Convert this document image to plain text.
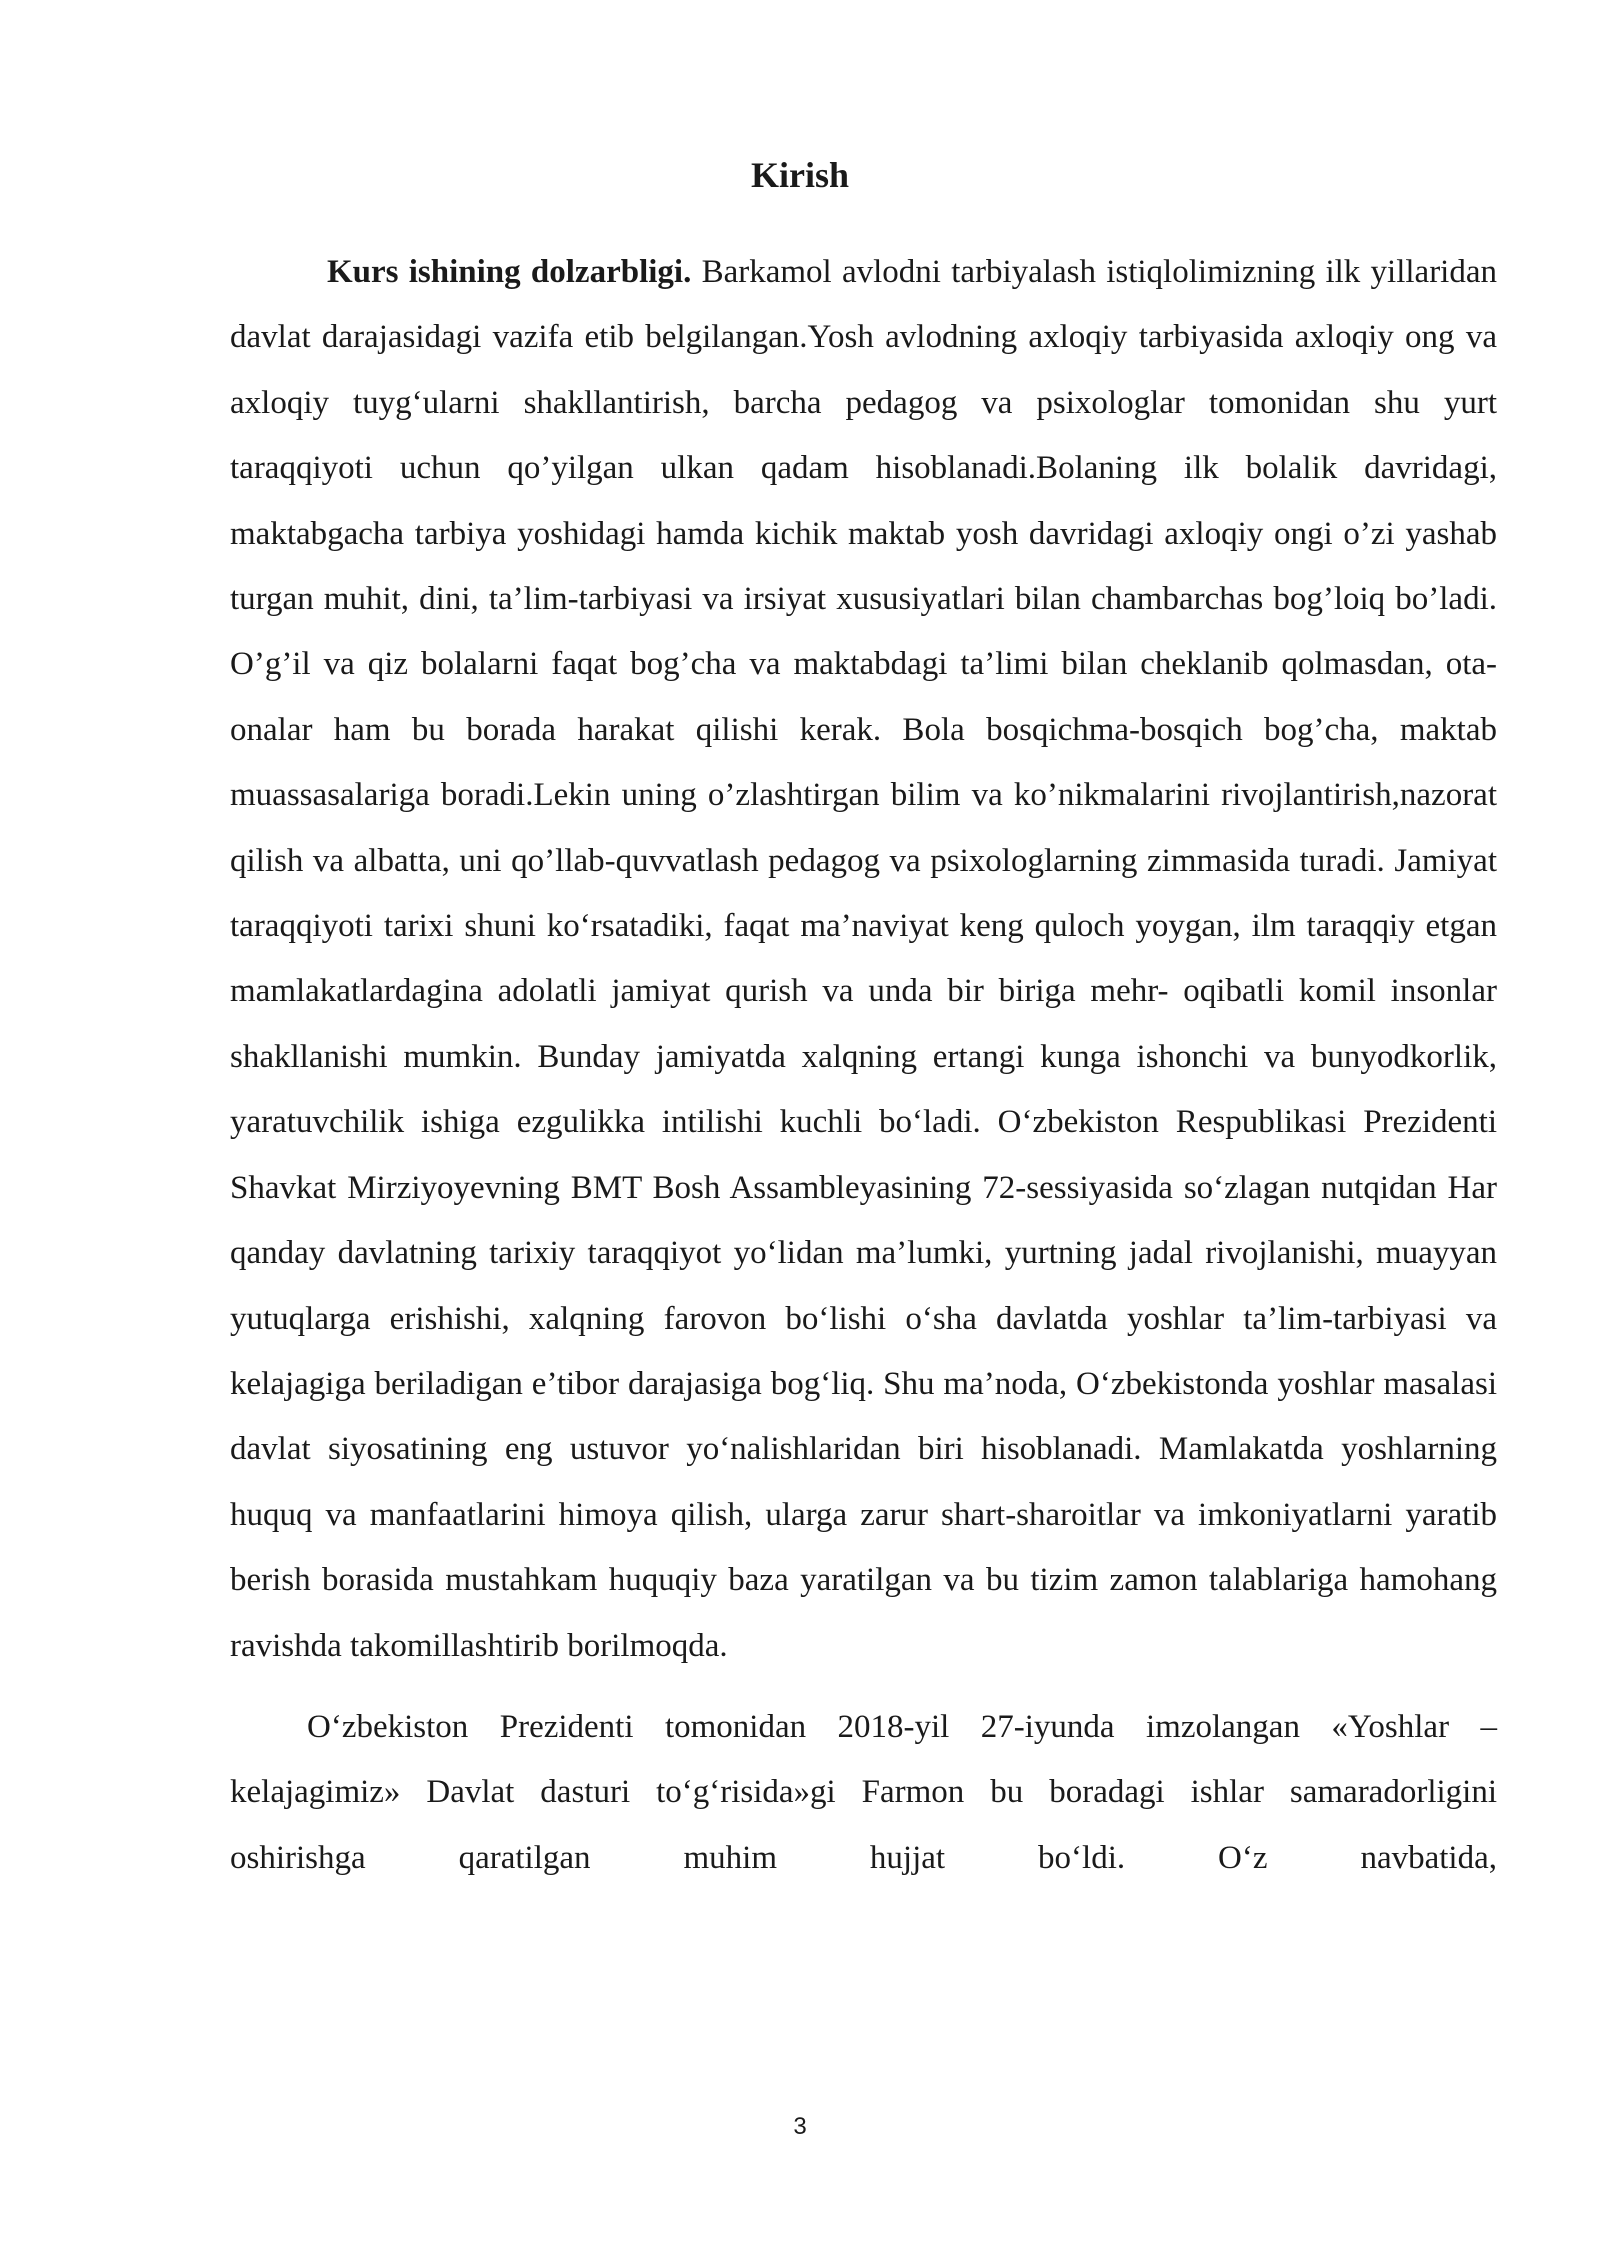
Kirish

Kurs ishining dolzarbligi. Barkamol avlodni tarbiyalash istiqlolimizning ilk yillaridan davlat darajasidagi vazifa etib belgilangan.Yosh avlodning axloqiy tarbiyasida axloqiy ong va axloqiy tuyg‘ularni shakllantirish, barcha pedagog va psixologlar tomonidan shu yurt taraqqiyoti uchun qo’yilgan ulkan qadam hisoblanadi.Bolaning ilk bolalik davridagi, maktabgacha tarbiya yoshidagi hamda kichik maktab yosh davridagi axloqiy ongi o’zi yashab turgan muhit, dini, ta’lim-tarbiyasi va irsiyat xususiyatlari bilan chambarchas bog’loiq bo’ladi. O’g’il va qiz bolalarni faqat bog’cha va maktabdagi ta’limi bilan cheklanib qolmasdan, ota-onalar ham bu borada harakat qilishi kerak. Bola bosqichma-bosqich bog’cha, maktab muassasalariga boradi.Lekin uning o’zlashtirgan bilim va ko’nikmalarini rivojlantirish,nazorat qilish va albatta, uni qo’llab-quvvatlash pedagog va psixologlarning zimmasida turadi. Jamiyat taraqqiyoti tarixi shuni ko‘rsatadiki, faqat ma’naviyat keng quloch yoygan, ilm taraqqiy etgan mamlakatlardagina adolatli jamiyat qurish va unda bir biriga mehr- oqibatli komil insonlar shakllanishi mumkin. Bunday jamiyatda xalqning ertangi kunga ishonchi va bunyodkorlik, yaratuvchilik ishiga ezgulikka intilishi kuchli bo‘ladi. O‘zbekiston Respublikasi Prezidenti Shavkat Mirziyoyevning BMT Bosh Assambleyasining 72-sessiyasida so‘zlagan nutqidan Har qanday davlatning tarixiy taraqqiyot yo‘lidan ma’lumki, yurtning jadal rivojlanishi, muayyan yutuqlarga erishishi, xalqning farovon bo‘lishi o‘sha davlatda yoshlar ta’lim-tarbiyasi va kelajagiga beriladigan e’tibor darajasiga bog‘liq. Shu ma’noda, O‘zbekistonda yoshlar masalasi davlat siyosatining eng ustuvor yo‘nalishlaridan biri hisoblanadi. Mamlakatda yoshlarning huquq va manfaatlarini himoya qilish, ularga zarur shart-sharoitlar va imkoniyatlarni yaratib berish borasida mustahkam huquqiy baza yaratilgan va bu tizim zamon talablariga hamohang ravishda takomillashtirib borilmoqda.

O‘zbekiston Prezidenti tomonidan 2018-yil 27-iyunda imzolangan «Yoshlar – kelajagimiz» Davlat dasturi to‘g‘risida»gi Farmon bu boradagi ishlar samaradorligini oshirishga qaratilgan muhim hujjat bo‘ldi. O‘z navbatida,

3
